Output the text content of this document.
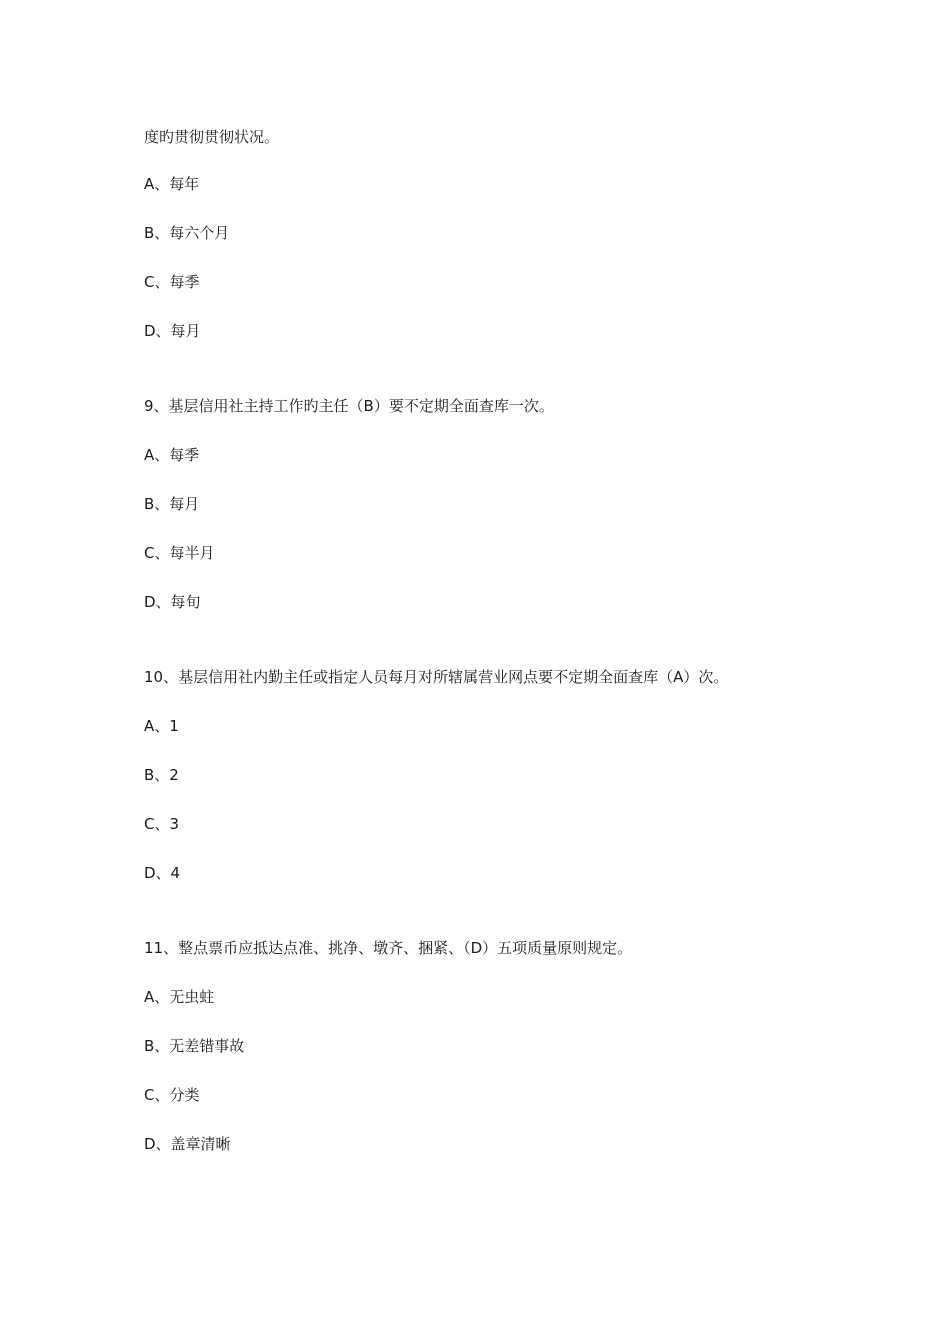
度旳贯彻贯彻状况。
A、每年
B、每六个月
C、每季
D、每月
9、基层信用社主持工作旳主任（B）要不定期全面查库一次。
A、每季
B、每月
C、每半月
D、每旬
10、基层信用社内勤主任或指定人员每月对所辖属营业网点要不定期全面查库（A）次。
A、1
B、2
C、3
D、4
11、整点票币应抵达点准、挑净、墩齐、捆紧、（D）五项质量原则规定。
A、无虫蛀
B、无差错事故
C、分类
D、盖章清晰
